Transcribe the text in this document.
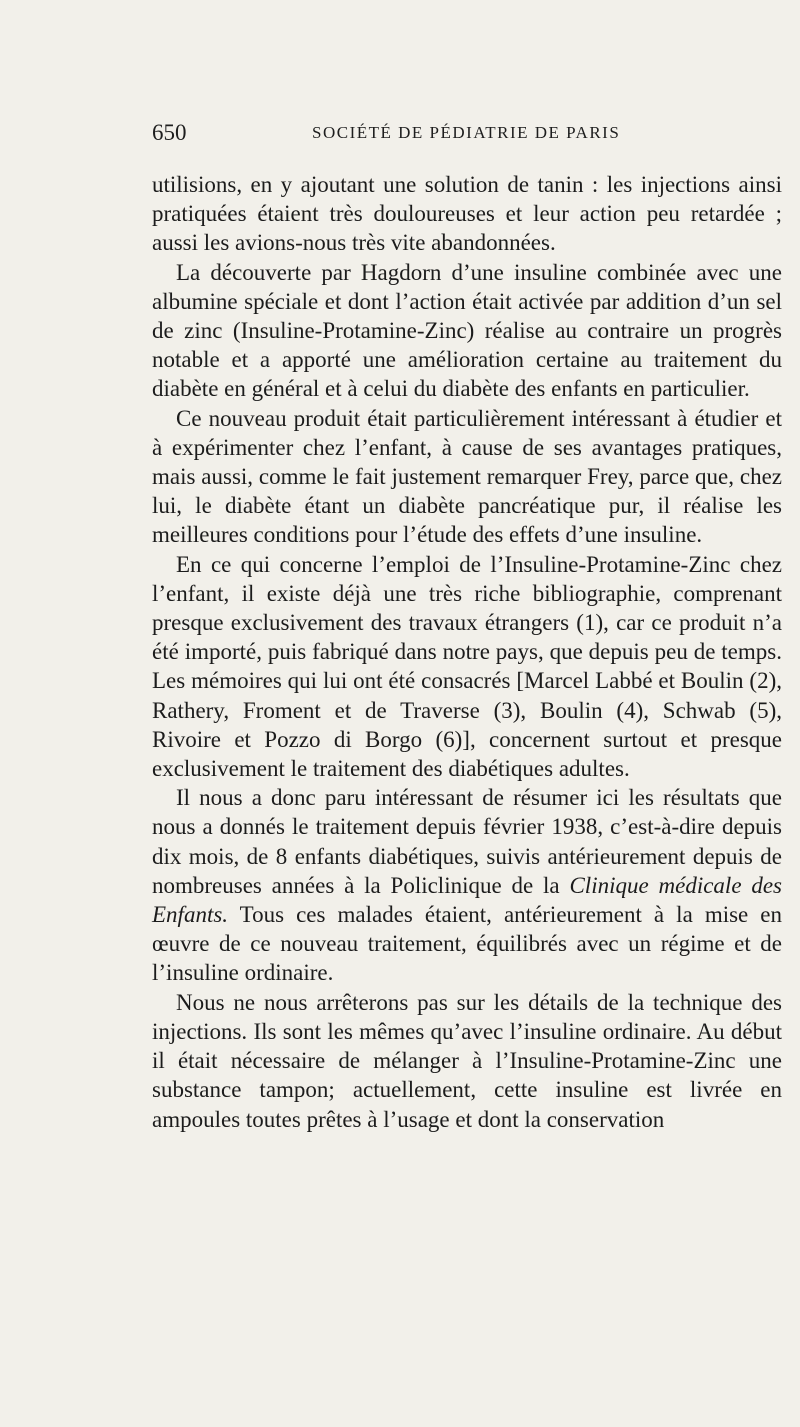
650	SOCIÉTÉ DE PÉDIATRIE DE PARIS

utilisions, en y ajoutant une solution de tanin : les injections ainsi pratiquées étaient très douloureuses et leur action peu retardée ; aussi les avions-nous très vite abandonnées.

La découverte par Hagdorn d’une insuline combinée avec une albumine spéciale et dont l’action était activée par addition d’un sel de zinc (Insuline-Protamine-Zinc) réalise au contraire un progrès notable et a apporté une amélioration certaine au traitement du diabète en général et à celui du diabète des enfants en particulier.

Ce nouveau produit était particulièrement intéressant à étudier et à expérimenter chez l’enfant, à cause de ses avantages pratiques, mais aussi, comme le fait justement remarquer Frey, parce que, chez lui, le diabète étant un diabète pancréatique pur, il réalise les meilleures conditions pour l’étude des effets d’une insuline.

En ce qui concerne l’emploi de l’Insuline-Protamine-Zinc chez l’enfant, il existe déjà une très riche bibliographie, comprenant presque exclusivement des travaux étrangers (1), car ce produit n’a été importé, puis fabriqué dans notre pays, que depuis peu de temps. Les mémoires qui lui ont été consacrés [Marcel Labbé et Boulin (2), Rathery, Froment et de Traverse (3), Boulin (4), Schwab (5), Rivoire et Pozzo di Borgo (6)], concernent surtout et presque exclusivement le traitement des diabétiques adultes.

Il nous a donc paru intéressant de résumer ici les résultats que nous a donnés le traitement depuis février 1938, c’est-à-dire depuis dix mois, de 8 enfants diabétiques, suivis antérieurement depuis de nombreuses années à la Policlinique de la Clinique médicale des Enfants. Tous ces malades étaient, antérieurement à la mise en œuvre de ce nouveau traitement, équilibrés avec un régime et de l’insuline ordinaire.

Nous ne nous arrêterons pas sur les détails de la technique des injections. Ils sont les mêmes qu’avec l’insuline ordinaire. Au début il était nécessaire de mélanger à l’Insuline-Protamine-Zinc une substance tampon; actuellement, cette insuline est livrée en ampoules toutes prêtes à l’usage et dont la conservation
